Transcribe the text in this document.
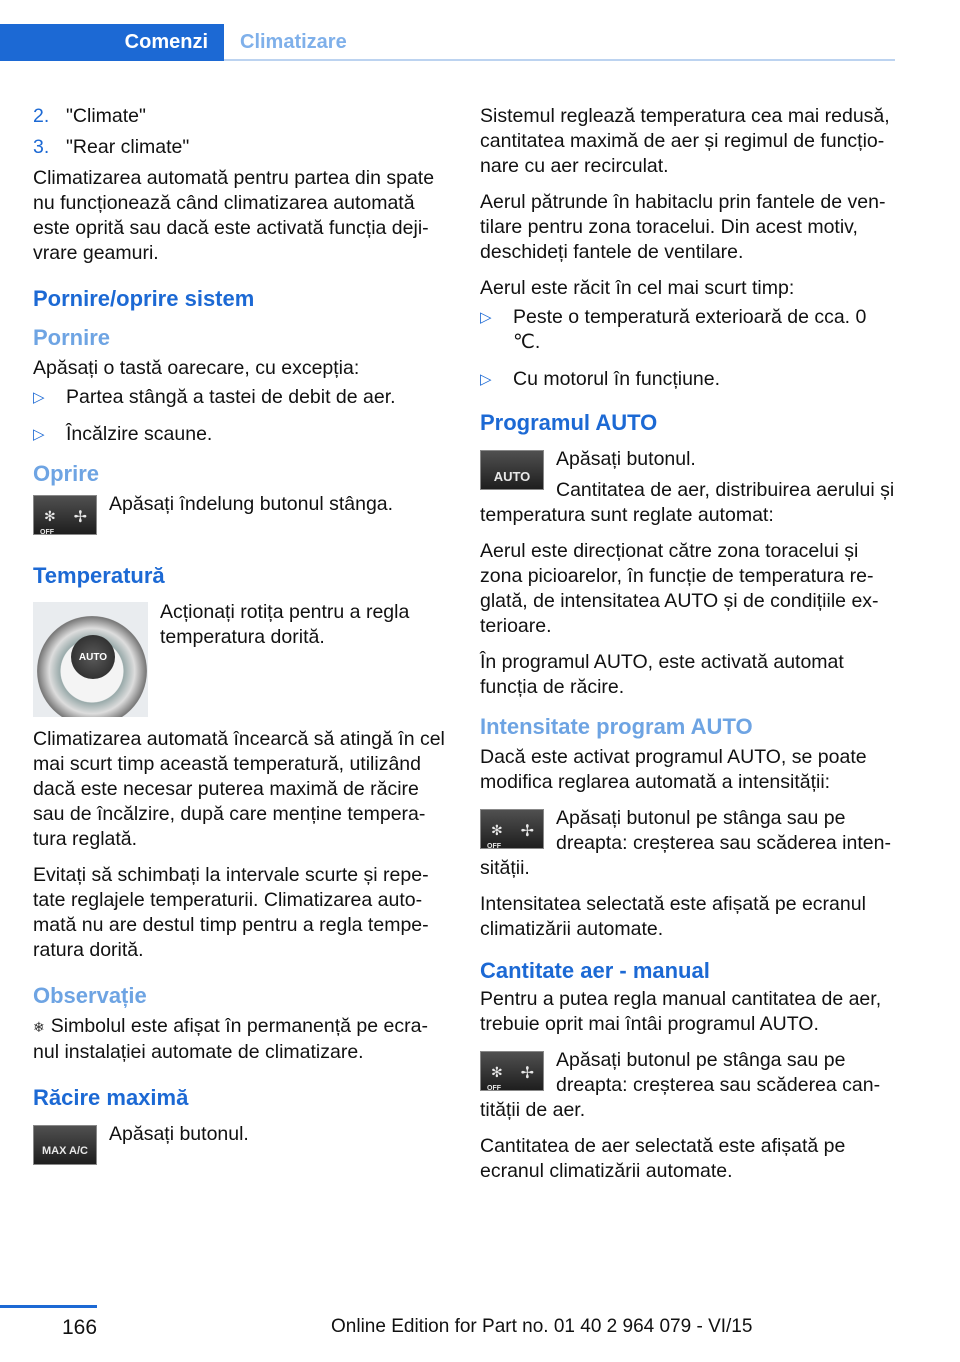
Comenzi	Climatizare
2. "Climate"
3. "Rear climate"

Climatizarea automată pentru partea din spate nu funcționează când climatizarea automată este oprită sau dacă este activată funcția dejivrare geamuri.

Pornire/oprire sistem
Pornire

Apăsați o tastă oarecare, cu excepția:

▷	Partea stângă a tastei de debit de aer.
▷	Încălzire scaune.
Oprire
✻
OFF
✢
Apăsați îndelung butonul stânga.
Temperatură
AUTO

Acționați rotița pentru a regla temperatura dorită.

Climatizarea automată încearcă să atingă în cel mai scurt timp această temperatură, utilizând dacă este necesar puterea maximă de răcire sau de încălzire, după care menține temperatura reglată.

Evitați să schimbați la intervale scurte și repetate reglajele temperaturii. Climatizarea automată nu are destul timp pentru a regla temperatura dorită.

Observație

❄ Simbolul este afișat în permanență pe ecranul instalației automate de climatizare.

Răcire maximă
MAX A/C
Apăsați butonul.

Sistemul reglează temperatura cea mai redusă, cantitatea maximă de aer și regimul de funcționare cu aer recirculat.

Aerul pătrunde în habitaclu prin fantele de ventilare pentru zona toracelui. Din acest motiv, deschideți fantele de ventilare.

Aerul este răcit în cel mai scurt timp:

▷	Peste o temperatură exterioară de cca. 0 ℃.
▷	Cu motorul în funcțiune.
Programul AUTO
AUTO

Apăsați butonul.

Cantitatea de aer, distribuirea aerului și temperatura sunt reglate automat:

Aerul este direcționat către zona toracelui și zona picioarelor, în funcție de temperatura reglată, de intensitatea AUTO și de condițiile exterioare.

În programul AUTO, este activată automat funcția de răcire.

Intensitate program AUTO

Dacă este activat programul AUTO, se poate modifica reglarea automată a intensității:

✻
OFF
✢

Apăsați butonul pe stânga sau pe dreapta: creșterea sau scăderea intensității.

Intensitatea selectată este afișată pe ecranul climatizării automate.

Cantitate aer - manual

Pentru a putea regla manual cantitatea de aer, trebuie oprit mai întâi programul AUTO.

✻
OFF
✢

Apăsați butonul pe stânga sau pe dreapta: creșterea sau scăderea cantității de aer.

Cantitatea de aer selectată este afișată pe ecranul climatizării automate.

166	Online Edition for Part no. 01 40 2 964 079 - VI/15
